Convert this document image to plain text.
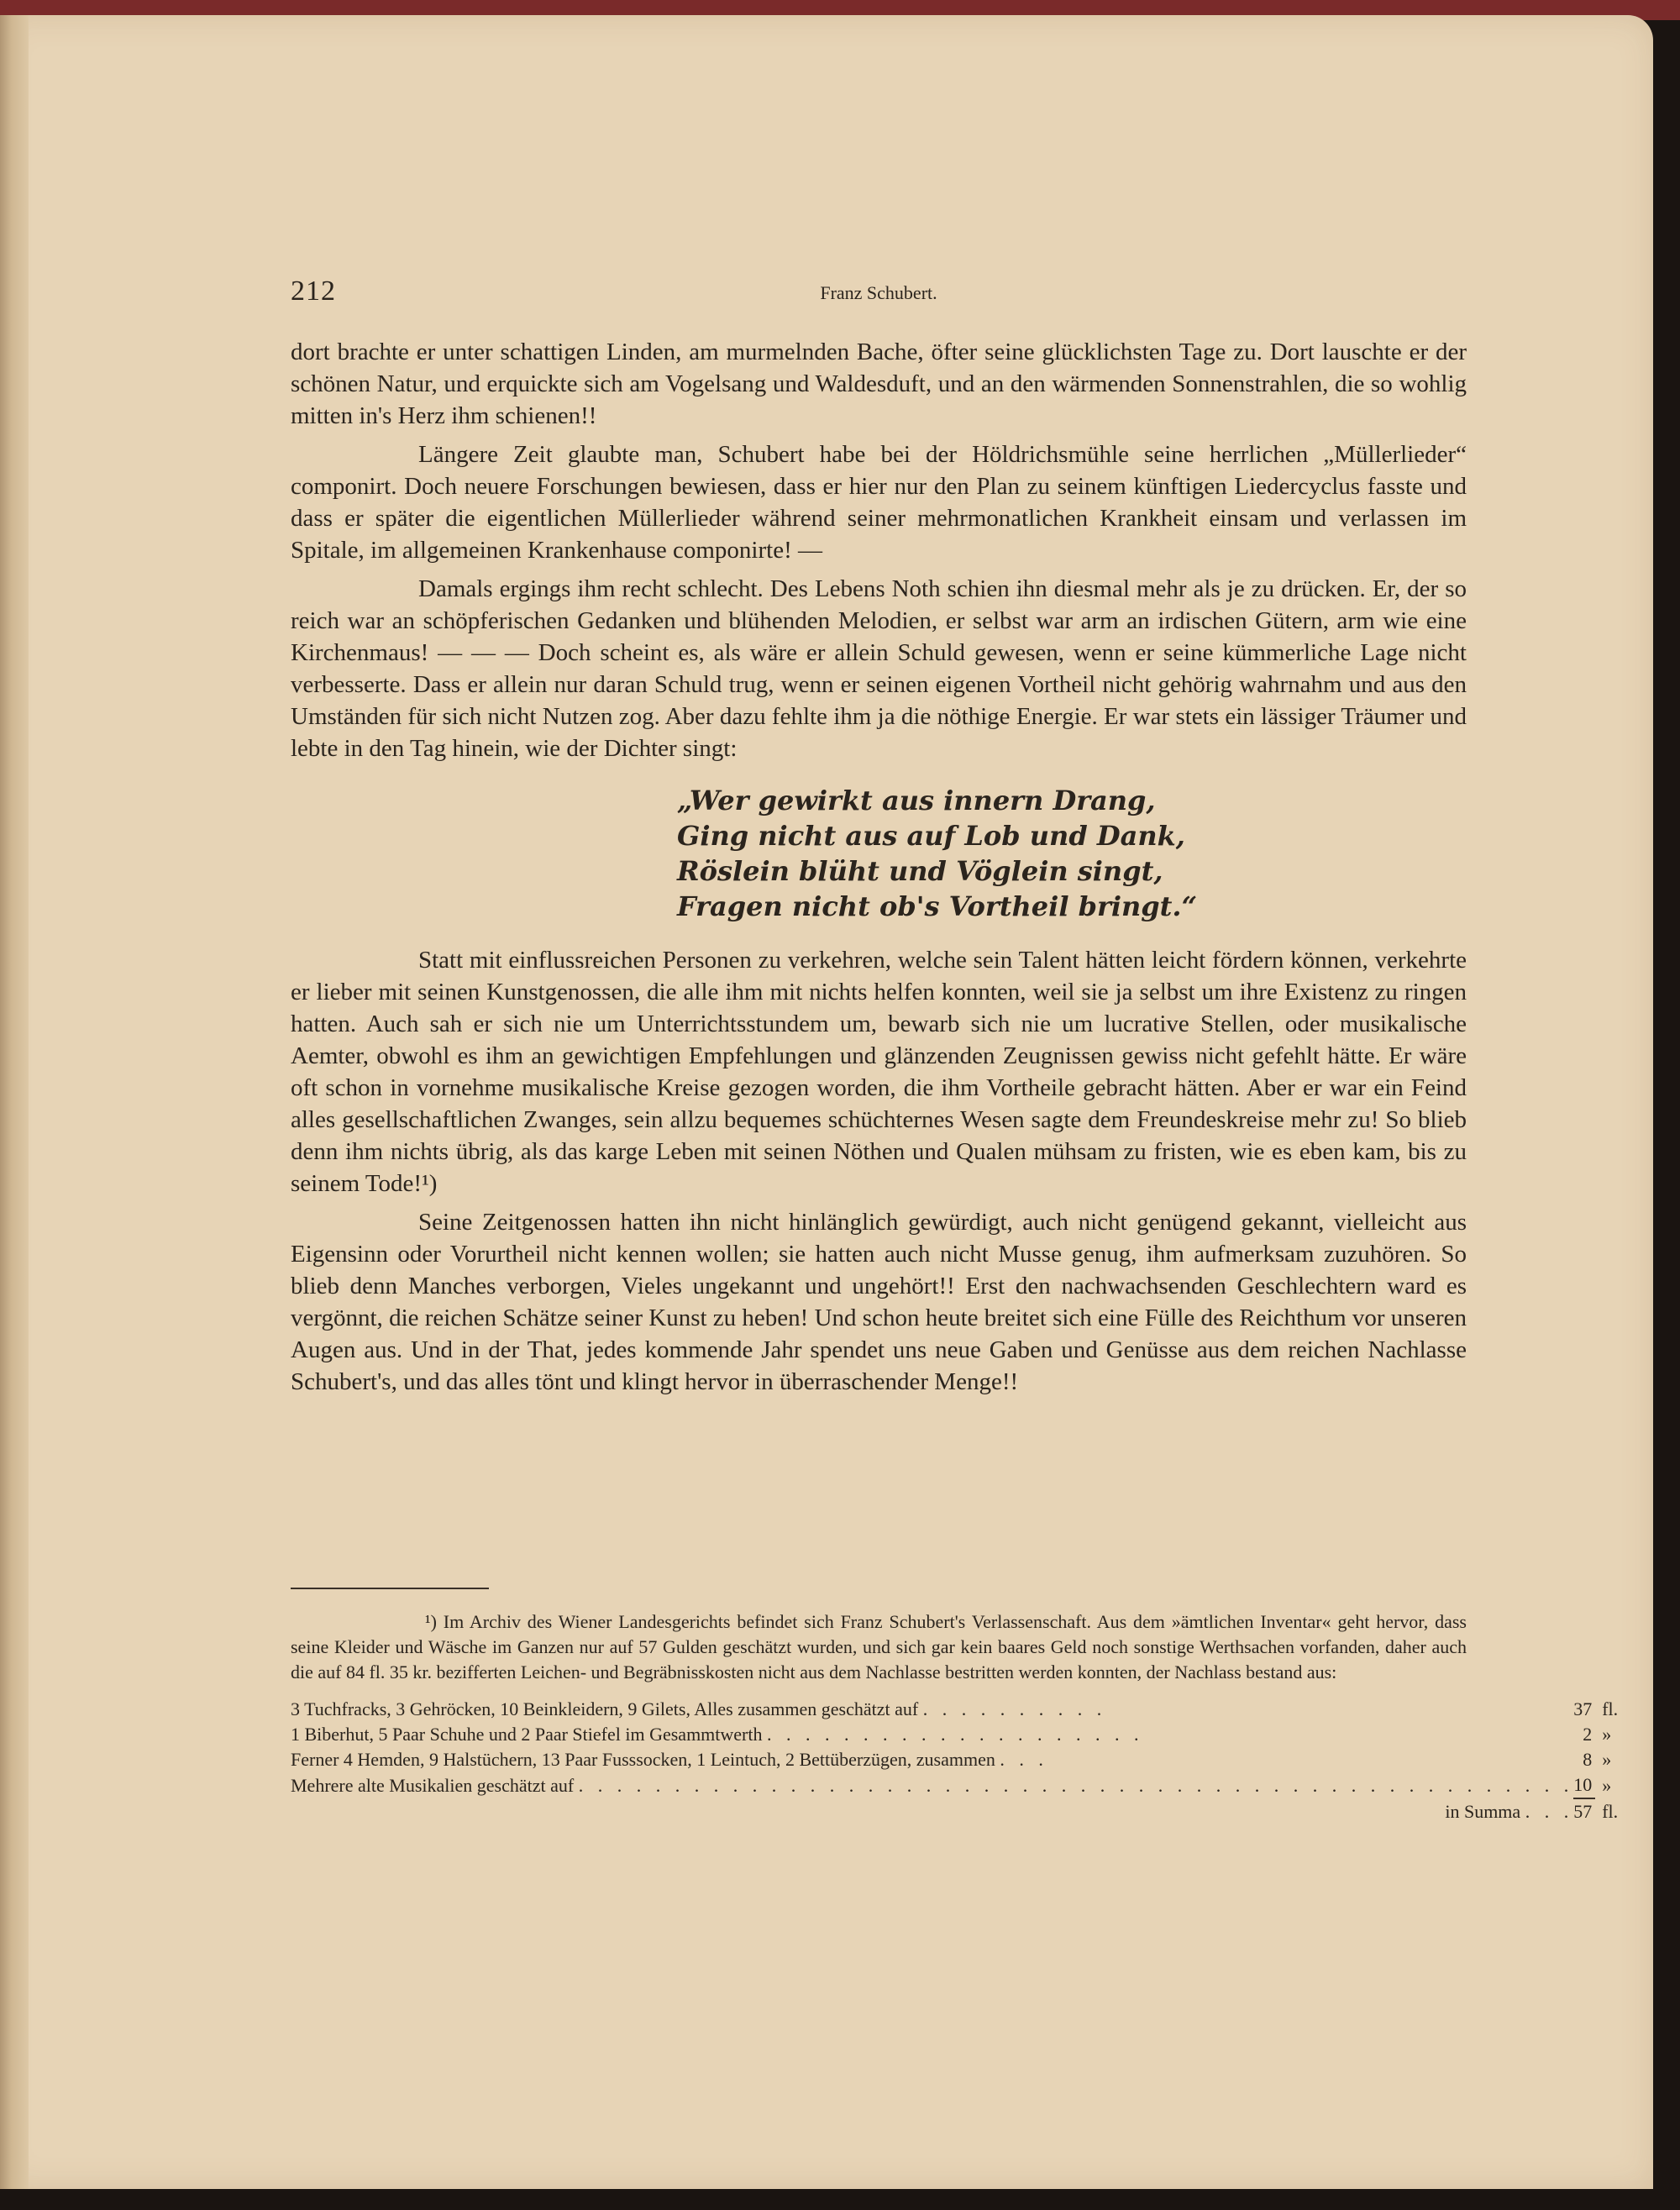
212	Franz Schubert.

dort brachte er unter schattigen Linden, am murmelnden Bache, öfter seine glücklichsten Tage zu. Dort lauschte er der schönen Natur, und erquickte sich am Vogelsang und Waldesduft, und an den wärmenden Sonnenstrahlen, die so wohlig mitten in's Herz ihm schienen!!

Längere Zeit glaubte man, Schubert habe bei der Höldrichsmühle seine herrlichen „Müllerlieder“ componirt. Doch neuere Forschungen bewiesen, dass er hier nur den Plan zu seinem künftigen Liedercyclus fasste und dass er später die eigentlichen Müllerlieder während seiner mehrmonatlichen Krankheit einsam und verlassen im Spitale, im allgemeinen Krankenhause componirte! —

Damals ergings ihm recht schlecht. Des Lebens Noth schien ihn diesmal mehr als je zu drücken. Er, der so reich war an schöpferischen Gedanken und blühenden Melodien, er selbst war arm an irdischen Gütern, arm wie eine Kirchenmaus! — — — Doch scheint es, als wäre er allein Schuld gewesen, wenn er seine kümmerliche Lage nicht verbesserte. Dass er allein nur daran Schuld trug, wenn er seinen eigenen Vortheil nicht gehörig wahrnahm und aus den Umständen für sich nicht Nutzen zog. Aber dazu fehlte ihm ja die nöthige Energie. Er war stets ein lässiger Träumer und lebte in den Tag hinein, wie der Dichter singt:

„Wer gewirkt aus innern Drang,
Ging nicht aus auf Lob und Dank,
Röslein blüht und Vöglein singt,
Fragen nicht ob's Vortheil bringt.“

Statt mit einflussreichen Personen zu verkehren, welche sein Talent hätten leicht fördern können, verkehrte er lieber mit seinen Kunstgenossen, die alle ihm mit nichts helfen konnten, weil sie ja selbst um ihre Existenz zu ringen hatten. Auch sah er sich nie um Unterrichtsstundem um, bewarb sich nie um lucrative Stellen, oder musikalische Aemter, obwohl es ihm an gewichtigen Empfehlungen und glänzenden Zeugnissen gewiss nicht gefehlt hätte. Er wäre oft schon in vornehme musikalische Kreise gezogen worden, die ihm Vortheile gebracht hätten. Aber er war ein Feind alles gesellschaftlichen Zwanges, sein allzu bequemes schüchternes Wesen sagte dem Freundeskreise mehr zu! So blieb denn ihm nichts übrig, als das karge Leben mit seinen Nöthen und Qualen mühsam zu fristen, wie es eben kam, bis zu seinem Tode!¹)

Seine Zeitgenossen hatten ihn nicht hinlänglich gewürdigt, auch nicht genügend gekannt, vielleicht aus Eigensinn oder Vorurtheil nicht kennen wollen; sie hatten auch nicht Musse genug, ihm aufmerksam zuzuhören. So blieb denn Manches verborgen, Vieles ungekannt und ungehört!! Erst den nachwachsenden Geschlechtern ward es vergönnt, die reichen Schätze seiner Kunst zu heben! Und schon heute breitet sich eine Fülle des Reichthum vor unseren Augen aus. Und in der That, jedes kommende Jahr spendet uns neue Gaben und Genüsse aus dem reichen Nachlasse Schubert's, und das alles tönt und klingt hervor in überraschender Menge!!

¹) Im Archiv des Wiener Landesgerichts befindet sich Franz Schubert's Verlassenschaft. Aus dem »ämtlichen Inventar« geht hervor, dass seine Kleider und Wäsche im Ganzen nur auf 57 Gulden geschätzt wurden, und sich gar kein baares Geld noch sonstige Werthsachen vorfanden, daher auch die auf 84 fl. 35 kr. bezifferten Leichen- und Begräbnisskosten nicht aus dem Nachlasse bestritten werden konnten, der Nachlass bestand aus:

3 Tuchfracks, 3 Gehröcken, 10 Beinkleidern, 9 Gilets, Alles zusammen geschätzt auf . . . . . . . . . .	37	fl.
1 Biberhut, 5 Paar Schuhe und 2 Paar Stiefel im Gesammtwerth . . . . . . . . . . . . . . . . . . . .	2	»
Ferner 4 Hemden, 9 Halstüchern, 13 Paar Fusssocken, 1 Leintuch, 2 Bettüberzügen, zusammen . . .	8	»
Mehrere alte Musikalien geschätzt auf . . . . . . . . . . . . . . . . . . . . . . . . . . . . . . . . . . . . . . . . . . . . . . . . . . . .	10	»
in Summa . . .	57	fl.
